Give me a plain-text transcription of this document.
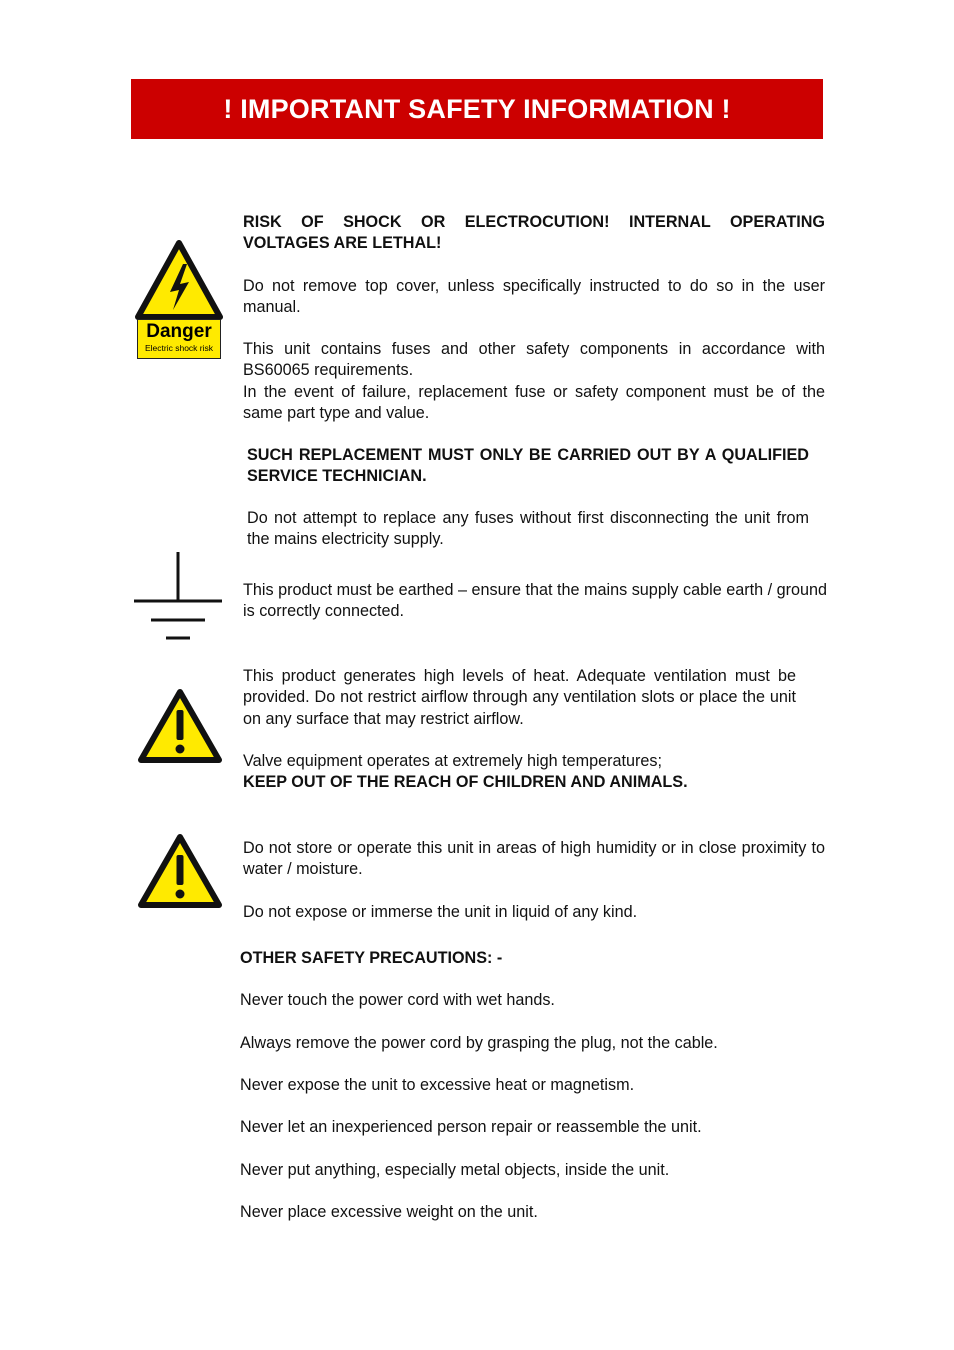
! IMPORTANT SAFETY INFORMATION !
Danger
Electric shock risk
RISK OF SHOCK OR ELECTROCUTION! INTERNAL OPERATING VOLTAGES ARE LETHAL!
Do not remove top cover, unless specifically instructed to do so in the user manual.
This unit contains fuses and other safety components in accordance with BS60065 requirements.
In the event of failure, replacement fuse or safety component must be of the same part type and value.
SUCH REPLACEMENT MUST ONLY BE CARRIED OUT BY A QUALIFIED SERVICE TECHNICIAN.
Do not attempt to replace any fuses without first disconnecting the unit from the mains electricity supply.
This product must be earthed – ensure that the mains supply cable earth / ground is correctly connected.
This product generates high levels of heat. Adequate ventilation must be provided. Do not restrict airflow through any ventilation slots or place the unit on any surface that may restrict airflow.
Valve equipment operates at extremely high temperatures;
KEEP OUT OF THE REACH OF CHILDREN AND ANIMALS.
Do not store or operate this unit in areas of high humidity or in close proximity to water / moisture.
Do not expose or immerse the unit in liquid of any kind.
OTHER SAFETY PRECAUTIONS: -
Never touch the power cord with wet hands.
Always remove the power cord by grasping the plug, not the cable.
Never expose the unit to excessive heat or magnetism.
Never let an inexperienced person repair or reassemble the unit.
Never put anything, especially metal objects, inside the unit.
Never place excessive weight on the unit.
